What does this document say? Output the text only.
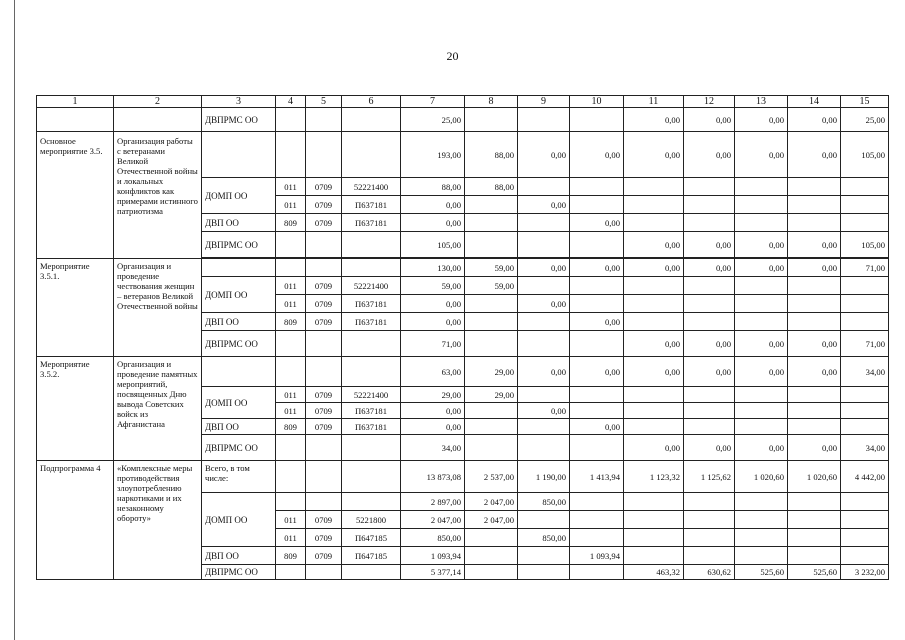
20
1	2	3	4	5	6	7	8	9	10	11	12	13	14	15
		ДВПРМС ОО				25,00				0,00	0,00	0,00	0,00	25,00
Основное мероприятие 3.5.	Организация работы с ветеранами Великой Отечественной войны и локальных конфликтов как примерами истинного патриотизма					193,00	88,00	0,00	0,00	0,00	0,00	0,00	0,00	105,00
		ДОМП ОО	011	0709	52221400	88,00	88,00							
			011	0709	П637181	0,00		0,00						
		ДВП ОО	809	0709	П637181	0,00			0,00					
		ДВПРМС ОО				105,00				0,00	0,00	0,00	0,00	105,00

Мероприятие 3.5.1.	Организация и проведение чествования женщин – ветеранов Великой Отечественной войны					130,00	59,00	0,00	0,00	0,00	0,00	0,00	0,00	71,00
		ДОМП ОО	011	0709	52221400	59,00	59,00							
			011	0709	П637181	0,00		0,00						
		ДВП ОО	809	0709	П637181	0,00			0,00					
		ДВПРМС ОО				71,00				0,00	0,00	0,00	0,00	71,00
Мероприятие 3.5.2.	Организация и проведение памятных мероприятий, посвященных Дню вывода Советских войск из Афганистана					63,00	29,00	0,00	0,00	0,00	0,00	0,00	0,00	34,00
		ДОМП ОО	011	0709	52221400	29,00	29,00							
			011	0709	П637181	0,00		0,00						
		ДВП ОО	809	0709	П637181	0,00			0,00					
		ДВПРМС ОО				34,00				0,00	0,00	0,00	0,00	34,00
Подпрограмма 4	«Комплексные меры противодействия злоупотреблению наркотиками и их незаконному обороту»	Всего, в том числе:				13 873,08	2 537,00	1 190,00	1 413,94	1 123,32	1 125,62	1 020,60	1 020,60	4 442,00
		ДОМП ОО				2 897,00	2 047,00	850,00						
			011	0709	5221800	2 047,00	2 047,00							
			011	0709	П647185	850,00		850,00						
		ДВП ОО	809	0709	П647185	1 093,94			1 093,94					
		ДВПРМС ОО				5 377,14				463,32	630,62	525,60	525,60	3 232,00
